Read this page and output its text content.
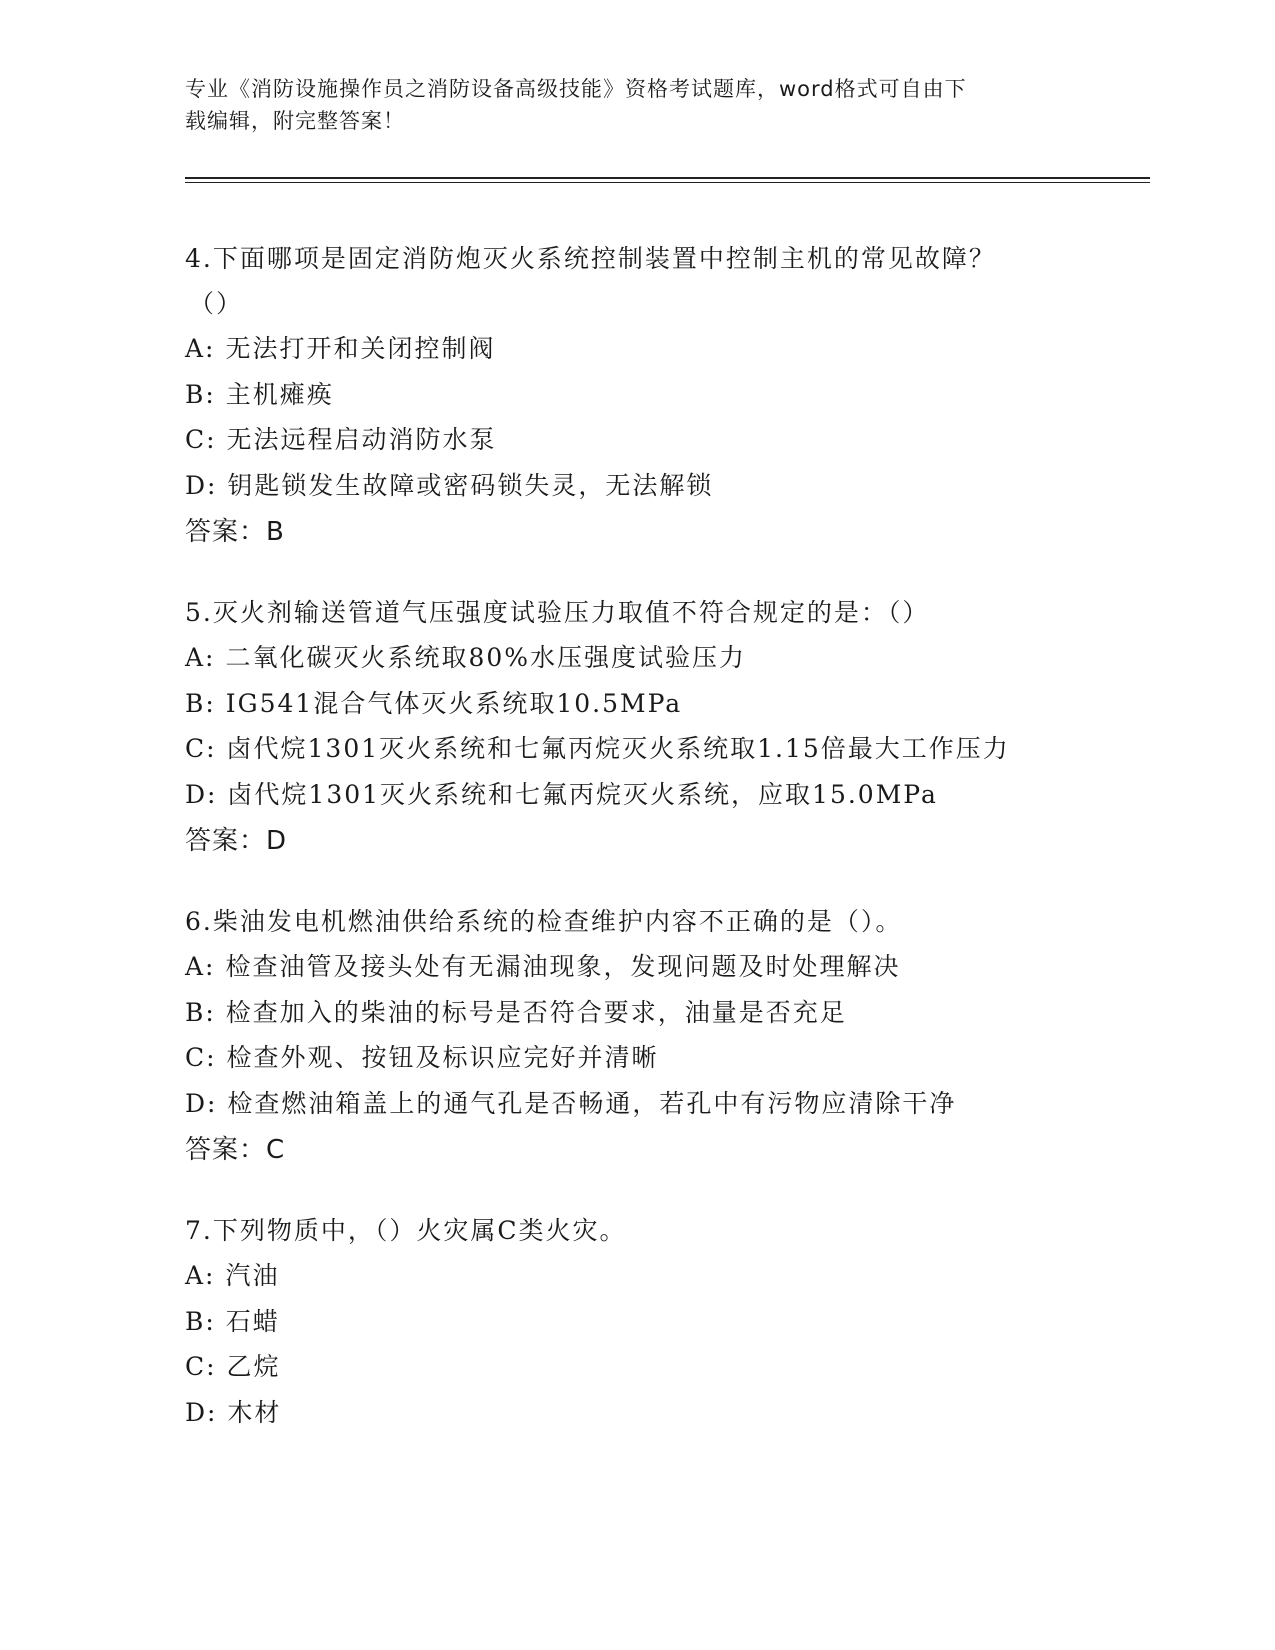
专业《消防设施操作员之消防设备高级技能》资格考试题库，word格式可自由下
载编辑，附完整答案！

4.下面哪项是固定消防炮灭火系统控制装置中控制主机的常见故障？

（）

A: 无法打开和关闭控制阀

B: 主机瘫痪

C: 无法远程启动消防水泵

D: 钥匙锁发生故障或密码锁失灵，无法解锁

答案：B

5.灭火剂输送管道气压强度试验压力取值不符合规定的是：（）

A: 二氧化碳灭火系统取80%水压强度试验压力

B: IG541混合气体灭火系统取10.5MPa

C: 卤代烷1301灭火系统和七氟丙烷灭火系统取1.15倍最大工作压力

D: 卤代烷1301灭火系统和七氟丙烷灭火系统，应取15.0MPa

答案：D

6.柴油发电机燃油供给系统的检查维护内容不正确的是（）。

A: 检查油管及接头处有无漏油现象，发现问题及时处理解决

B: 检查加入的柴油的标号是否符合要求，油量是否充足

C: 检查外观、按钮及标识应完好并清晰

D: 检查燃油箱盖上的通气孔是否畅通，若孔中有污物应清除干净

答案：C

7.下列物质中，（）火灾属C类火灾。

A: 汽油

B: 石蜡

C: 乙烷

D: 木材
